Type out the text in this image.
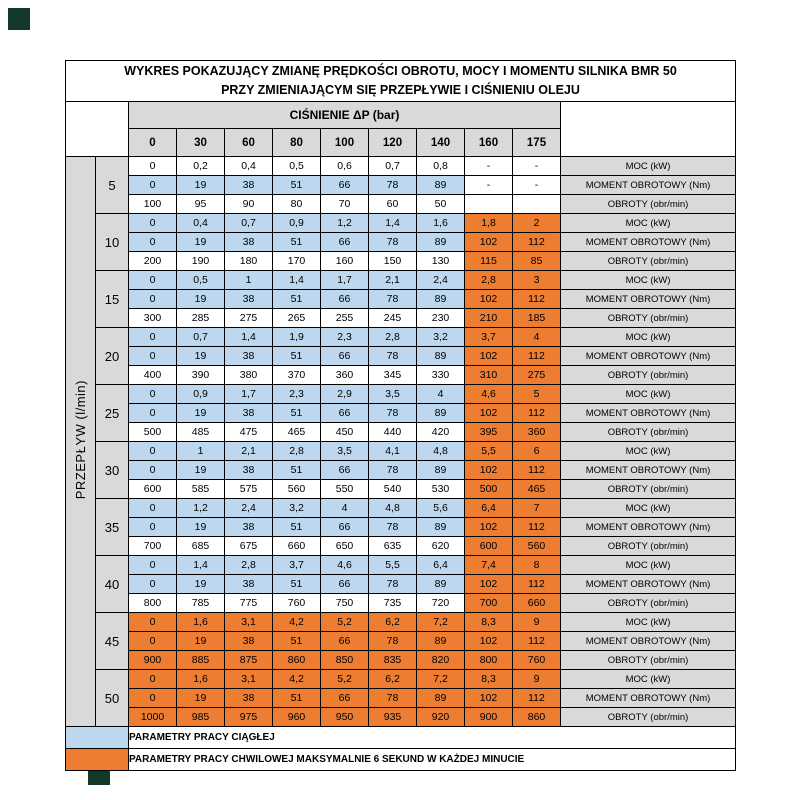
WYKRES POKAZUJĄCY ZMIANĘ PRĘDKOŚCI OBROTU, MOCY I MOMENTU SILNIKA BMR 50
PRZY ZMIENIAJĄCYM SIĘ PRZEPŁYWIE I CIŚNIENIU OLEJU											

		CIŚNIENIE ΔP (bar)									
		0	30	60	80	100	120	140	160	175	
PRZEPŁYW (l/min)	5	0	0,2	0,4	0,5	0,6	0,7	0,8	-	-	MOC (kW)
		0	19	38	51	66	78	89	-	-	MOMENT OBROTOWY (Nm)
		100	95	90	80	70	60	50			OBROTY (obr/min)
	10	0	0,4	0,7	0,9	1,2	1,4	1,6	1,8	2	MOC (kW)
		0	19	38	51	66	78	89	102	112	MOMENT OBROTOWY (Nm)
		200	190	180	170	160	150	130	115	85	OBROTY (obr/min)
	15	0	0,5	1	1,4	1,7	2,1	2,4	2,8	3	MOC (kW)
		0	19	38	51	66	78	89	102	112	MOMENT OBROTOWY (Nm)
		300	285	275	265	255	245	230	210	185	OBROTY (obr/min)
	20	0	0,7	1,4	1,9	2,3	2,8	3,2	3,7	4	MOC (kW)
		0	19	38	51	66	78	89	102	112	MOMENT OBROTOWY (Nm)
		400	390	380	370	360	345	330	310	275	OBROTY (obr/min)
	25	0	0,9	1,7	2,3	2,9	3,5	4	4,6	5	MOC (kW)
		0	19	38	51	66	78	89	102	112	MOMENT OBROTOWY (Nm)
		500	485	475	465	450	440	420	395	360	OBROTY (obr/min)
	30	0	1	2,1	2,8	3,5	4,1	4,8	5,5	6	MOC (kW)
		0	19	38	51	66	78	89	102	112	MOMENT OBROTOWY (Nm)
		600	585	575	560	550	540	530	500	465	OBROTY (obr/min)
	35	0	1,2	2,4	3,2	4	4,8	5,6	6,4	7	MOC (kW)
		0	19	38	51	66	78	89	102	112	MOMENT OBROTOWY (Nm)
		700	685	675	660	650	635	620	600	560	OBROTY (obr/min)
	40	0	1,4	2,8	3,7	4,6	5,5	6,4	7,4	8	MOC (kW)
		0	19	38	51	66	78	89	102	112	MOMENT OBROTOWY (Nm)
		800	785	775	760	750	735	720	700	660	OBROTY (obr/min)
	45	0	1,6	3,1	4,2	5,2	6,2	7,2	8,3	9	MOC (kW)
		0	19	38	51	66	78	89	102	112	MOMENT OBROTOWY (Nm)
		900	885	875	860	850	835	820	800	760	OBROTY (obr/min)
	50	0	1,6	3,1	4,2	5,2	6,2	7,2	8,3	9	MOC (kW)
		0	19	38	51	66	78	89	102	112	MOMENT OBROTOWY (Nm)
		1000	985	975	960	950	935	920	900	860	OBROTY (obr/min)
		PARAMETRY PRACY CIĄGŁEJ									
		PARAMETRY PRACY CHWILOWEJ MAKSYMALNIE 6 SEKUND W KAŻDEJ MINUCIE									
